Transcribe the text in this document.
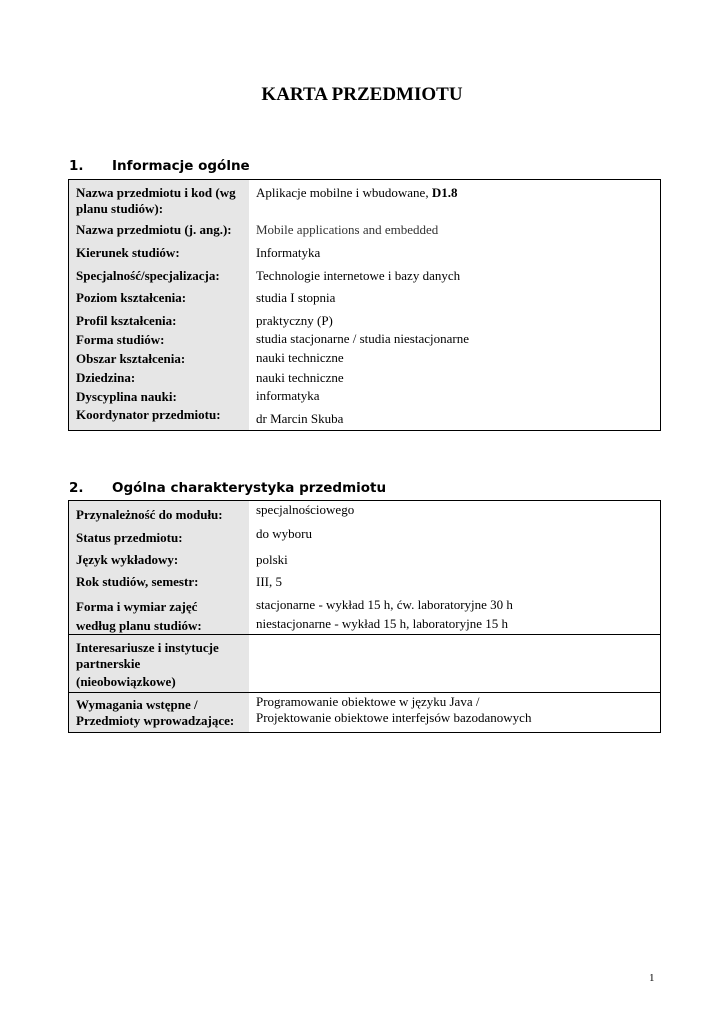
KARTA PRZEDMIOTU
1. Informacje ogólne
Nazwa przedmiotu i kod (wg planu studiów):
Aplikacje mobilne i wbudowane, D1.8
Nazwa przedmiotu (j. ang.): Mobile applications and embedded
Kierunek studiów:	Informatyka
Specjalność/specjalizacja:	Technologie internetowe i bazy danych
Poziom kształcenia:	studia I stopnia
Profil kształcenia:	praktyczny (P)
Forma studiów:	studia stacjonarne / studia niestacjonarne
Obszar kształcenia:	nauki techniczne
Dziedzina:	nauki techniczne
Dyscyplina nauki:	informatyka
Koordynator przedmiotu:	dr Marcin Skuba
2. Ogólna charakterystyka przedmiotu
Przynależność do modułu:	specjalnościowego
Status przedmiotu:	do wyboru
Język wykładowy:	polski
Rok studiów, semestr:	III, 5
Forma i wymiar zajęć według planu studiów:
stacjonarne - wykład 15 h, ćw. laboratoryjne 30 h
niestacjonarne - wykład 15 h, laboratoryjne 15 h
Interesariusze i instytucje partnerskie
(nieobowiązkowe)
Wymagania wstępne / Przedmioty wprowadzające:
Programowanie obiektowe w języku Java /
Projektowanie obiektowe interfejsów bazodanowych
1
